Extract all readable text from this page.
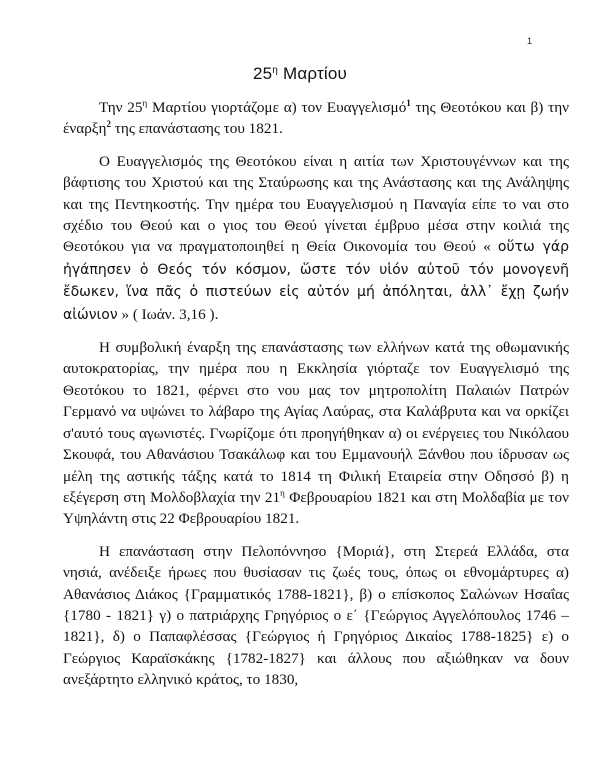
1
$25^\eta$ Μαρτίου

Την $25^\eta$ Μαρτίου γιορτάζομε α) τον Ευαγγελισμό$^1$ της Θεοτόκου και β) την έναρξη$^2$ της επανάστασης του 1821.

Ο Ευαγγελισμός της Θεοτόκου είναι η αιτία των Χριστουγέννων και της βάφτισης του Χριστού και της Σταύρωσης και της Ανάστασης και της Ανάληψης και της Πεντηκοστής. Την ημέρα του Ευαγγελισμού η Παναγία είπε το ναι στο σχέδιο του Θεού και ο γιος του Θεού γίνεται έμβρυο μέσα στην κοιλιά της Θεοτόκου για να πραγματοποιηθεί η Θεία Οικονομία του Θεού « οὕτω γάρ ἠγάπησεν ὁ Θεός τόν κόσμον, ὥστε τόν υἱόν αὐτοῦ τόν μονογενῆ ἔδωκεν, ἵνα πᾶς ὁ πιστεύων εἰς αὐτόν μή ἀπόληται, ἀλλ᾽ ἔχῃ ζωήν αἰώνιον » ( Ιωάν. 3,16 ).

Η συμβολική έναρξη της επανάστασης των ελλήνων κατά της οθωμανικής αυτοκρατορίας, την ημέρα που η Εκκλησία γιόρταζε τον Ευαγγελισμό της Θεοτόκου το 1821, φέρνει στο νου μας τον μητροπολίτη Παλαιών Πατρών Γερμανό να υψώνει το λάβαρο της Αγίας Λαύρας, στα Καλάβρυτα και να ορκίζει σ'αυτό τους αγωνιστές. Γνωρίζομε ότι προηγήθηκαν α) οι ενέργειες του Νικόλαου Σκουφά, του Αθανάσιου Τσακάλωφ και του Εμμανουήλ Ξάνθου που ίδρυσαν ως μέλη της αστικής τάξης κατά το 1814 τη Φιλική Εταιρεία στην Οδησσό β) η εξέγερση στη Μολδοβλαχία την $21^\eta$ Φεβρουαρίου 1821 και στη Μολδαβία με τον Υψηλάντη στις 22 Φεβρουαρίου 1821.

Η επανάσταση στην Πελοπόννησο {Μοριά}, στη Στερεά Ελλάδα, στα νησιά, ανέδειξε ήρωες που θυσίασαν τις ζωές τους, όπως οι εθνομάρτυρες α) Αθανάσιος Διάκος {Γραμματικός 1788-1821}, β) ο επίσκοπος Σαλώνων Ησαΐας {1780 - 1821} γ) ο πατριάρχης Γρηγόριος ο ε΄ {Γεώργιος Αγγελόπουλος 1746 – 1821}, δ) ο Παπαφλέσσας {Γεώργιος ή Γρηγόριος Δικαίος 1788-1825} ε) ο Γεώργιος Καραϊσκάκης {1782-1827} και άλλους που αξιώθηκαν να δουν ανεξάρτητο ελληνικό κράτος, το 1830,
